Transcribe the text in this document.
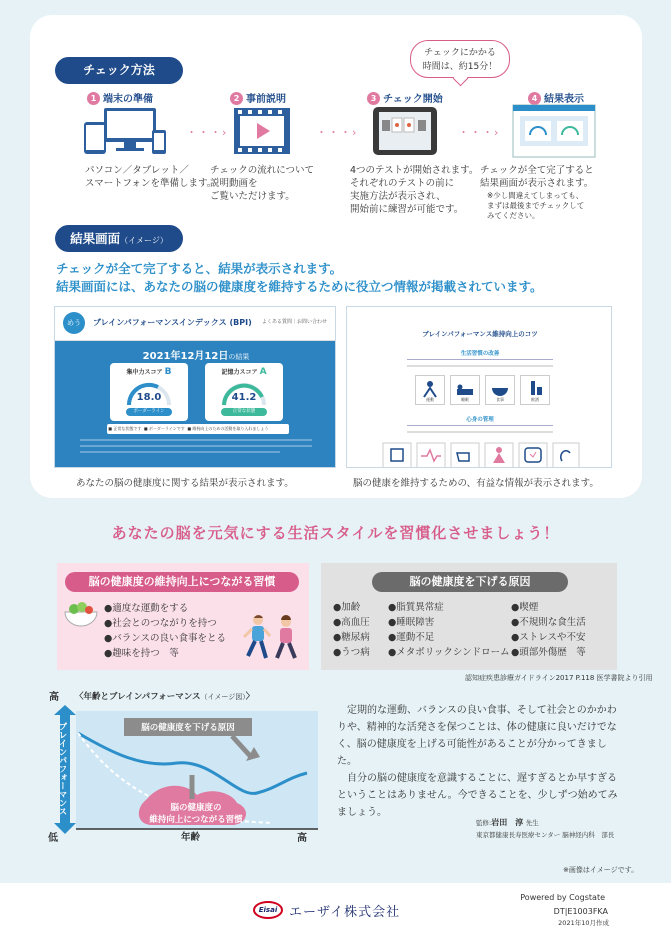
チェック方法
チェックにかかる
時間は、約15分！
1 端末の準備	2 事前説明	3 チェック開始	4 結果表示
・・・›	・・・›	・・・›
パソコン／タブレット／
スマートフォンを準備します。
チェックの流れについて
説明動画を
ご覧いただけます。
4つのテストが開始されます。
それぞれのテストの前に
実施方法が表示され、
開始前に練習が可能です。
チェックが全て完了すると
結果画面が表示されます。
※少し間違えてしまっても、
まずは最後までチェックして
みてください。
結果画面（イメージ）
チェックが全て完了すると、結果が表示されます。
結果画面には、あなたの脳の健康度を維持するために役立つ情報が掲載されています。
めう	ブレインパフォーマンスインデックス (BPI) よくある質問｜お問い合わせ
2021年12月12日の結果
集中力スコア B
18.0
ボーダーライン
記憶力スコア A
41.2
正常な状態
■ 正常な状態です  ■ ボーダーラインです  ■ 維持向上のための活動を取り入れましょう
あなたの脳の健康度に関する結果が表示されます。
ブレインパフォーマンス維持向上のコツ
生活習慣の改善
運動	睡眠	食事	飲酒
心身の管理
脳の健康を維持するための、有益な情報が表示されます。
あなたの脳を元気にする生活スタイルを習慣化させましょう！
脳の健康度の維持向上につながる習慣
●適度な運動をする
●社会とのつながりを持つ
●バランスの良い食事をとる
●趣味を持つ　等
脳の健康度を下げる原因
●加齢
●高血圧
●糖尿病
●うつ病
●脂質異常症
●睡眠障害
●運動不足
●メタボリックシンドローム
●喫煙
●不規則な食生活
●ストレスや不安
●頭部外傷歴　等
認知症疾患診療ガイドライン2017 P.118 医学書院より引用
〈年齢とブレインパフォーマンス（イメージ図）〉
高
低
ブレインパフォーマンス
年齢	高
脳の健康度を下げる原因
脳の健康度の
維持向上につながる習慣

定期的な運動、バランスの良い食事、そして社会とのかかわりや、精神的な活発さを保つことは、体の健康に良いだけでなく、脳の健康度を上げる可能性があることが分かってきました。

自分の脳の健康度を意識することに、遅すぎるとか早すぎるということはありません。今できることを、少しずつ始めてみましょう。

監修:岩田　淳 先生
東京都健康長寿医療センター 脳神経内科　部長
※画像はイメージです。
Eisai エーザイ株式会社
Powered by Cogstate
DT|E1003FKA
2021年10月作成
